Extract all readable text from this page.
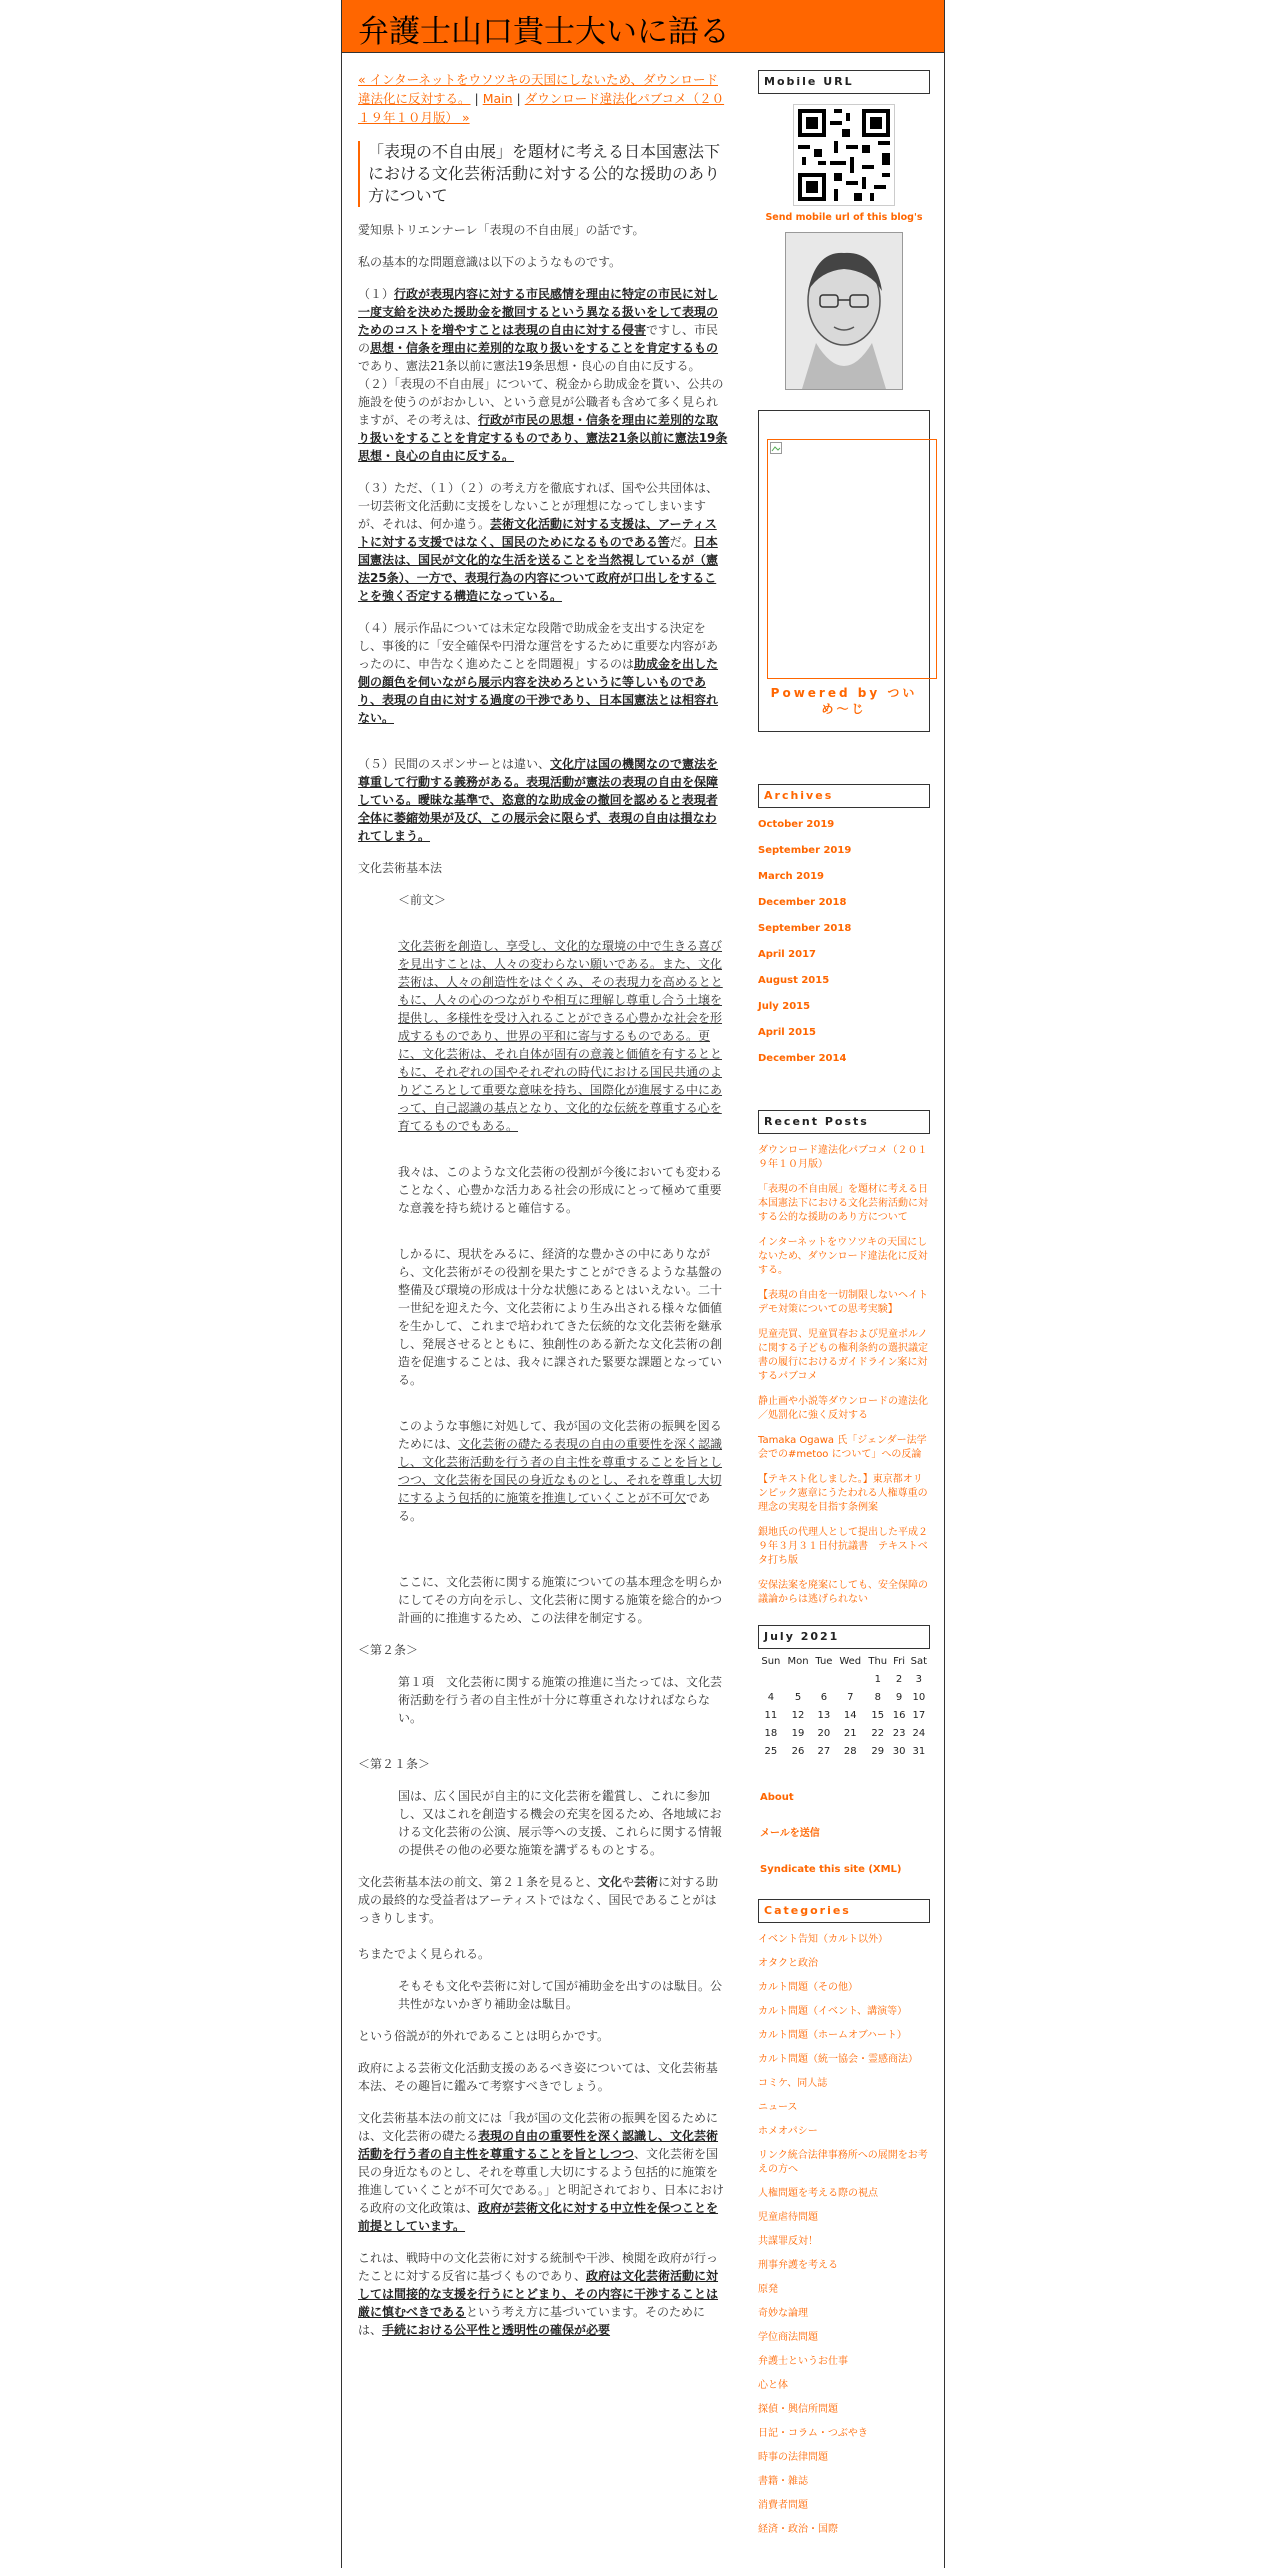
弁護士山口貴士大いに語る
« インターネットをウソツキの天国にしないため、ダウンロード違法化に反対する。 | Main | ダウンロード違法化パブコメ（２０１９年１０月版） »
「表現の不自由展」を題材に考える日本国憲法下における文化芸術活動に対する公的な援助のあり方について

愛知県トリエンナーレ「表現の不自由展」の話です。

私の基本的な問題意識は以下のようなものです。

（１）行政が表現内容に対する市民感情を理由に特定の市民に対し一度支給を決めた援助金を撤回するという異なる扱いをして表現のためのコストを増やすことは表現の自由に対する侵害ですし、市民の思想・信条を理由に差別的な取り扱いをすることを肯定するものであり、憲法21条以前に憲法19条思想・良心の自由に反する。

（２）「表現の不自由展」について、税金から助成金を貰い、公共の施設を使うのがおかしい、という意見が公職者も含めて多く見られますが、その考えは、行政が市民の思想・信条を理由に差別的な取り扱いをすることを肯定するものであり、憲法21条以前に憲法19条思想・良心の自由に反する。

（３）ただ、（１）（２）の考え方を徹底すれば、国や公共団体は、一切芸術文化活動に支援をしないことが理想になってしまいますが、それは、何か違う。芸術文化活動に対する支援は、アーティストに対する支援ではなく、国民のためになるものである筈だ。日本国憲法は、国民が文化的な生活を送ることを当然視しているが（憲法25条）、一方で、表現行為の内容について政府が口出しをすることを強く否定する構造になっている。

（４）展示作品については未定な段階で助成金を支出する決定をし、事後的に「安全確保や円滑な運営をするために重要な内容があったのに、申告なく進めたことを問題視」するのは助成金を出した側の顔色を伺いながら展示内容を決めろというに等しいものであり、表現の自由に対する過度の干渉であり、日本国憲法とは相容れない。

（５）民間のスポンサーとは違い、文化庁は国の機関なので憲法を尊重して行動する義務がある。表現活動が憲法の表現の自由を保障している。曖昧な基準で、恣意的な助成金の撤回を認めると表現者全体に萎縮効果が及び、この展示会に限らず、表現の自由は損なわれてしまう。

文化芸術基本法

＜前文＞

文化芸術を創造し、享受し、文化的な環境の中で生きる喜びを見出すことは、人々の変わらない願いである。また、文化芸術は、人々の創造性をはぐくみ、その表現力を高めるとともに、人々の心のつながりや相互に理解し尊重し合う土壌を提供し、多様性を受け入れることができる心豊かな社会を形成するものであり、世界の平和に寄与するものである。更に、文化芸術は、それ自体が固有の意義と価値を有するとともに、それぞれの国やそれぞれの時代における国民共通のよりどころとして重要な意味を持ち、国際化が進展する中にあって、自己認識の基点となり、文化的な伝統を尊重する心を育てるものでもある。

我々は、このような文化芸術の役割が今後においても変わることなく、心豊かな活力ある社会の形成にとって極めて重要な意義を持ち続けると確信する。

しかるに、現状をみるに、経済的な豊かさの中にありながら、文化芸術がその役割を果たすことができるような基盤の整備及び環境の形成は十分な状態にあるとはいえない。二十一世紀を迎えた今、文化芸術により生み出される様々な価値を生かして、これまで培われてきた伝統的な文化芸術を継承し、発展させるとともに、独創性のある新たな文化芸術の創造を促進することは、我々に課された緊要な課題となっている。

このような事態に対処して、我が国の文化芸術の振興を図るためには、文化芸術の礎たる表現の自由の重要性を深く認識し、文化芸術活動を行う者の自主性を尊重することを旨としつつ、文化芸術を国民の身近なものとし、それを尊重し大切にするよう包括的に施策を推進していくことが不可欠である。

ここに、文化芸術に関する施策についての基本理念を明らかにしてその方向を示し、文化芸術に関する施策を総合的かつ計画的に推進するため、この法律を制定する。

＜第２条＞

第１項　文化芸術に関する施策の推進に当たっては、文化芸術活動を行う者の自主性が十分に尊重されなければならない。

＜第２１条＞

国は、広く国民が自主的に文化芸術を鑑賞し、これに参加し、又はこれを創造する機会の充実を図るため、各地域における文化芸術の公演、展示等への支援、これらに関する情報の提供その他の必要な施策を講ずるものとする。

文化芸術基本法の前文、第２１条を見ると、文化や芸術に対する助成の最終的な受益者はアーティストではなく、国民であることがはっきりします。

ちまたでよく見られる。

そもそも文化や芸術に対して国が補助金を出すのは駄目。公共性がないかぎり補助金は駄目。

という俗説が的外れであることは明らかです。

政府による芸術文化活動支援のあるべき姿については、文化芸術基本法、その趣旨に鑑みて考察すべきでしょう。

文化芸術基本法の前文には「我が国の文化芸術の振興を図るためには、文化芸術の礎たる表現の自由の重要性を深く認識し、文化芸術活動を行う者の自主性を尊重することを旨としつつ、文化芸術を国民の身近なものとし、それを尊重し大切にするよう包括的に施策を推進していくことが不可欠である。」と明記されており、日本における政府の文化政策は、政府が芸術文化に対する中立性を保つことを前提としています。

これは、戦時中の文化芸術に対する統制や干渉、検閲を政府が行ったことに対する反省に基づくものであり、政府は文化芸術活動に対しては間接的な支援を行うにとどまり、その内容に干渉することは厳に慎むべきであるという考え方に基づいています。そのためには、手続における公平性と透明性の確保が必要

Mobile URL
Send mobile url of this blog's
Powered by ついめ～じ
Archives
October 2019
September 2019
March 2019
December 2018
September 2018
April 2017
August 2015
July 2015
April 2015
December 2014
Recent Posts
ダウンロード違法化パブコメ（２０１９年１０月版）
「表現の不自由展」を題材に考える日本国憲法下における文化芸術活動に対する公的な援助のあり方について
インターネットをウソツキの天国にしないため、ダウンロード違法化に反対する。
【表現の自由を一切制限しないヘイトデモ対策についての思考実験】
児童売買、児童買春および児童ポルノに関する子どもの権利条約の選択議定書の履行におけるガイドライン案に対するパブコメ
静止画や小説等ダウンロードの違法化／処罰化に強く反対する
Tamaka Ogawa 氏「ジェンダー法学会での#metoo について」への反論
【テキスト化しました。】東京都オリンピック憲章にうたわれる人権尊重の理念の実現を目指す条例案
銀地氏の代理人として提出した平成２９年３月３１日付抗議書　テキストベタ打ち版
安保法案を廃案にしても、安全保障の議論からは逃げられない
July 2021
Sun	Mon	Tue	Wed	Thu	Fri	Sat
				1	2	3
4	5	6	7	8	9	10
11	12	13	14	15	16	17
18	19	20	21	22	23	24
25	26	27	28	29	30	31
About
メールを送信
Syndicate this site (XML)
Categories
イベント告知（カルト以外）
オタクと政治
カルト問題（その他）
カルト問題（イベント、講演等）
カルト問題（ホームオブハート）
カルト問題（統一協会・霊感商法）
コミケ、同人誌
ニュース
ホメオパシー
リンク統合法律事務所への展開をお考えの方へ
人権問題を考える際の視点
児童虐待問題
共謀罪反対！
刑事弁護を考える
原発
奇妙な論理
学位商法問題
弁護士というお仕事
心と体
探偵・興信所問題
日記・コラム・つぶやき
時事の法律問題
書籍・雑誌
消費者問題
経済・政治・国際
